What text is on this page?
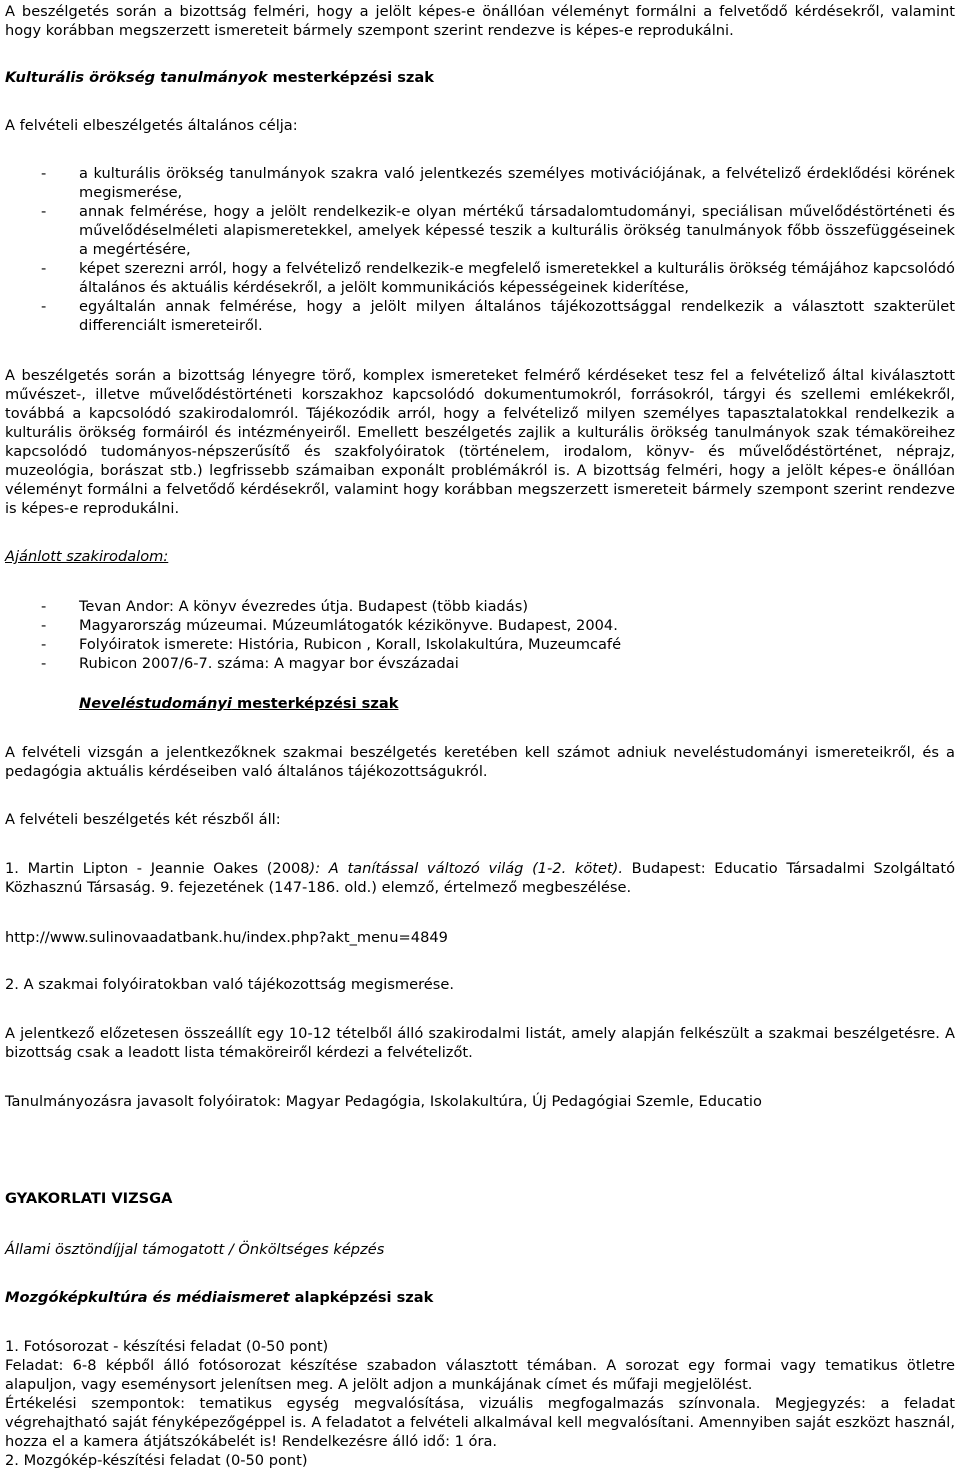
A beszélgetés során a bizottság felméri, hogy a jelölt képes-e önállóan véleményt formálni a felvetődő kérdésekről, valamint hogy korábban megszerzett ismereteit bármely szempont szerint rendezve is képes-e reprodukálni.

Kulturális örökség tanulmányok mesterképzési szak
A felvételi elbeszélgetés általános célja:
- a kulturális örökség tanulmányok szakra való jelentkezés személyes motivációjának, a felvételiző érdeklődési körének megismerése,
- annak felmérése, hogy a jelölt rendelkezik-e olyan mértékű társadalomtudományi, speciálisan művelődéstörténeti és művelődéselméleti alapismeretekkel, amelyek képessé teszik a kulturális örökség tanulmányok főbb összefüggéseinek a megértésére,
- képet szerezni arról, hogy a felvételiző rendelkezik-e megfelelő ismeretekkel a kulturális örökség témájához kapcsolódó általános és aktuális kérdésekről, a jelölt kommunikációs képességeinek kiderítése,
- egyáltalán annak felmérése, hogy a jelölt milyen általános tájékozottsággal rendelkezik a választott szakterület differenciált ismereteiről.

A beszélgetés során a bizottság lényegre törő, komplex ismereteket felmérő kérdéseket tesz fel a felvételiző által kiválasztott művészet-, illetve művelődéstörténeti korszakhoz kapcsolódó dokumentumokról, forrásokról, tárgyi és szellemi emlékekről, továbbá a kapcsolódó szakirodalomról. Tájékozódik arról, hogy a felvételiző milyen személyes tapasztalatokkal rendelkezik a kulturális örökség formáiról és intézményeiről. Emellett beszélgetés zajlik a kulturális örökség tanulmányok szak témaköreihez kapcsolódó tudományos-népszerűsítő és szakfolyóiratok (történelem, irodalom, könyv- és művelődéstörténet, néprajz, muzeológia, borászat stb.) legfrissebb számaiban exponált problémákról is. A bizottság felméri, hogy a jelölt képes-e önállóan véleményt formálni a felvetődő kérdésekről, valamint hogy korábban megszerzett ismereteit bármely szempont szerint rendezve is képes-e reprodukálni.

Ajánlott szakirodalom:
- Tevan Andor: A könyv évezredes útja. Budapest (több kiadás)
- Magyarország múzeumai. Múzeumlátogatók kézikönyve. Budapest, 2004.
- Folyóiratok ismerete: História, Rubicon , Korall, Iskolakultúra, Muzeumcafé
- Rubicon 2007/6-7. száma: A magyar bor évszázadai
Neveléstudományi mesterképzési szak

A felvételi vizsgán a jelentkezőknek szakmai beszélgetés keretében kell számot adniuk neveléstudományi ismereteikről, és a pedagógia aktuális kérdéseiben való általános tájékozottságukról.

A felvételi beszélgetés két részből áll:

1. Martin Lipton - Jeannie Oakes (2008): A tanítással változó világ (1-2. kötet). Budapest: Educatio Társadalmi Szolgáltató Közhasznú Társaság. 9. fejezetének (147-186. old.) elemző, értelmező megbeszélése.

http://www.sulinovaadatbank.hu/index.php?akt_menu=4849
2. A szakmai folyóiratokban való tájékozottság megismerése.

A jelentkező előzetesen összeállít egy 10-12 tételből álló szakirodalmi listát, amely alapján felkészült a szakmai beszélgetésre. A bizottság csak a leadott lista témaköreiről kérdezi a felvételizőt.

Tanulmányozásra javasolt folyóiratok: Magyar Pedagógia, Iskolakultúra, Új Pedagógiai Szemle, Educatio
GYAKORLATI VIZSGA
Állami ösztöndíjjal támogatott / Önköltséges képzés
Mozgóképkultúra és médiaismeret alapképzési szak
1. Fotósorozat - készítési feladat (0-50 pont)
Feladat: 6-8 képből álló fotósorozat készítése szabadon választott témában. A sorozat egy formai vagy tematikus ötletre alapuljon, vagy eseménysort jelenítsen meg. A jelölt adjon a munkájának címet és műfaji megjelölést.
Értékelési szempontok: tematikus egység megvalósítása, vizuális megfogalmazás színvonala. Megjegyzés: a feladat végrehajtható saját fényképezőgéppel is. A feladatot a felvételi alkalmával kell megvalósítani. Amennyiben saját eszközt használ, hozza el a kamera átjátszókábelét is! Rendelkezésre álló idő: 1 óra.
2. Mozgókép-készítési feladat (0-50 pont)
